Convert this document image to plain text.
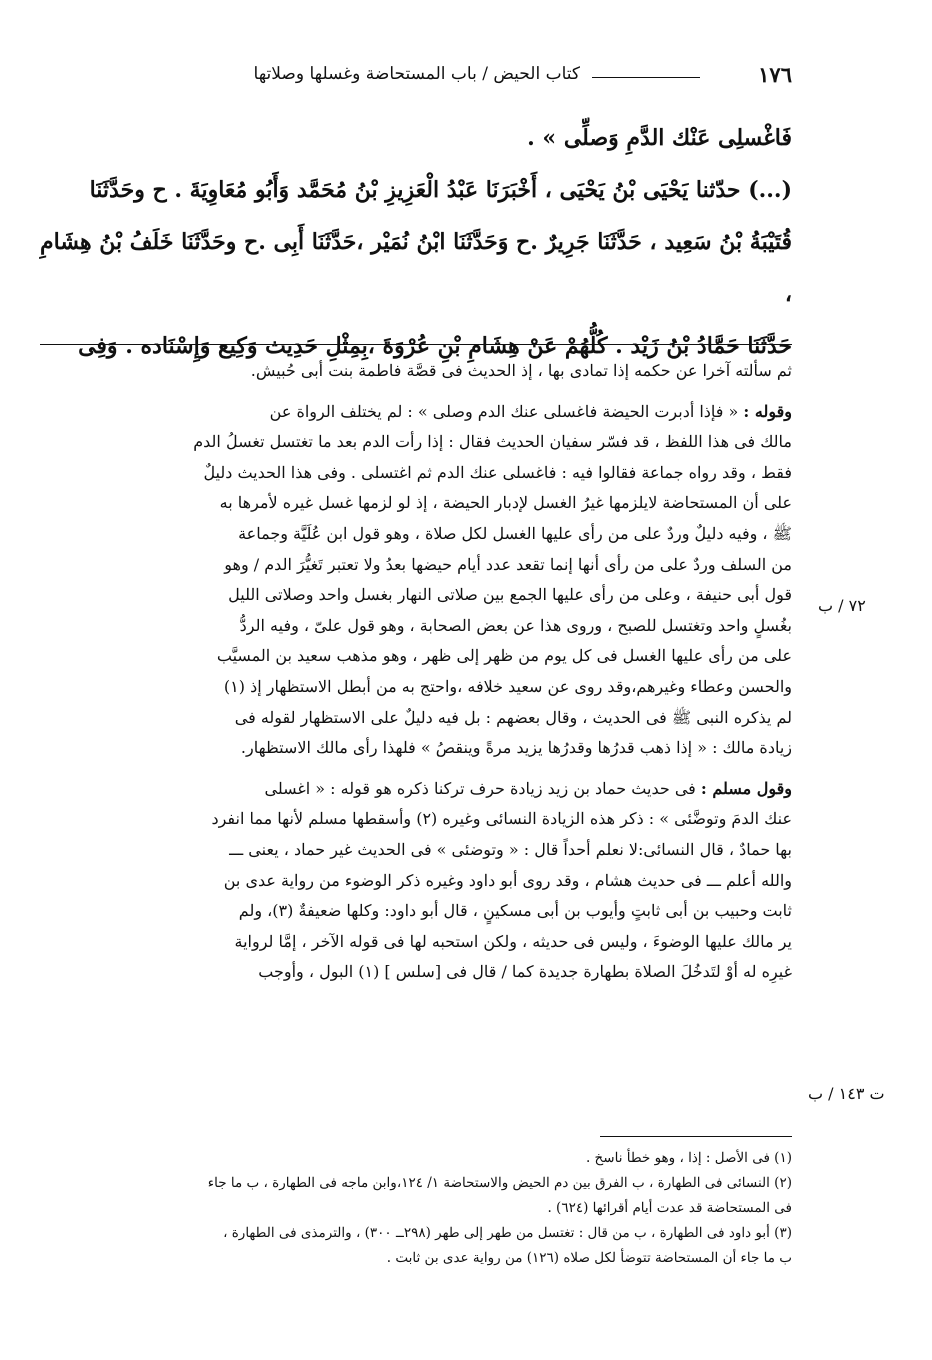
١٧٦
كتاب الحيض / باب المستحاضة وغسلها وصلاتها

فَاغْسلِى عَنْك الدَّمِ وَصلِّى » .

(...) حدّثنا يَحْيَى بْنُ يَحْيَى ، أَخْبَرَنَا عَبْدُ الْعَزِيزِ بْنُ مُحَمَّد وَأَبُو مُعَاوِيَةَ . ح وحَدَّثَنَا

قُتَيْبَةُ بْنُ سَعِيد ، حَدَّثَنَا جَرِيرٌ .ح وَحَدَّثَنَا ابْنُ نُمَيْر ،حَدَّثَنَا أَبِى .ح وحَدَّثَنَا خَلَفُ بْنُ هِشَامِ ،

حَدَّثَنَا حَمَّادُ بْنُ زَيْد . كُلُّهُمْ عَنْ هِشَامِ بْنِ عُرْوَةَ ،بِمِثْلِ حَدِيث وَكِيع وَإِسْنَاده . وَفِى

ثم سألته آخرا عن حكمه إذا تمادى بها ، إذ الحديث فى قصَّة فاطمة بنت أبى حُبيش.

وقوله : « فإذا أدبرت الحيضة فاغسلى عنك الدم وصلى » : لم يختلف الرواة عن

مالك فى هذا اللفظ ، قد فسّر سفيان الحديث فقال : إذا رأت الدم بعد ما تغتسل تغسلُ الدم

فقط ، وقد رواه جماعة فقالوا فيه : فاغسلى عنك الدم ثم اغتسلى . وفى هذا الحديث دليلٌ

على أن المستحاضة لايلزمها غيرُ الغسل لإدبار الحيضة ، إذ لو لزمها غسل غيره لأمرها به

ﷺ ، وفيه دليلٌ وردٌ على من رأى عليها الغسل لكل صلاة ، وهو قول ابن عُلَيَّة وجماعة

من السلف وردٌ على من رأى أنها إنما تقعد عدد أيام حيضها بعدُ ولا تعتبر تَغيُّرَ الدم / وهو

قول أبى حنيفة ، وعلى من رأى عليها الجمع بين صلاتى النهار بغسل واحد وصلاتى الليل

بغُسلٍ واحد وتغتسل للصبح ، وروى هذا عن بعض الصحابة ، وهو قول علىّ ، وفيه الردُّ

على من رأى عليها الغسل فى كل يوم من ظهر إلى ظهر ، وهو مذهب سعيد بن المسيَّب

والحسن وعطاء وغيرهم،وقد روى عن سعيد خلافه ،واحتج به من أبطل الاستظهار إذ (١)

لم يذكره النبى ﷺ فى الحديث ، وقال بعضهم : بل فيه دليلٌ على الاستظهار لقوله فى

زيادة مالك : « إذا ذهب قدرُها وقدرُها يزيد مرةً وينقصُ » فلهذا رأى مالك الاستظهار.

وقول مسلم : فى حديث حماد بن زيد زيادة حرف تركنا ذكره هو قوله : « اغسلى

عنك الدمَ وتوضَّئى » : ذكر هذه الزيادة النسائى وغيره (٢) وأسقطها مسلم لأنها مما انفرد

بها حمادٌ ، قال النسائى:لا نعلم أحداً قال : « وتوضئى » فى الحديث غير حماد ، يعنى ـــ

والله أعلم ـــ فى حديث هشام ، وقد روى أبو داود وغيره ذكر الوضوء من رواية عدى بن

ثابت وحبيب بن أبى ثابتٍ وأيوب بن أبى مسكينٍ ، قال أبو داود: وكلها ضعيفةٌ (٣)، ولم

ير مالك عليها الوضوءَ ، وليس فى حديثه ، ولكن استحبه لها فى قوله الآخر ، إمَّا لرواية

غيرِه له أوْ لتَدخُلَ الصلاة بطهارة جديدة كما / قال فى [سلس ] (١) البول ، وأوجب

٧٢ / ب
ت ١٤٣ / ب

(١) فى الأصل : إذا ، وهو خطأ ناسخ .

(٢) النسائى فى الطهارة ، ب الفرق بين دم الحيض والاستحاضة ١/ ١٢٤،وابن ماجه فى الطهارة ، ب ما جاء

فى المستحاضة قد عدت أيام أقرائها (٦٢٤) .

(٣) أبو داود فى الطهارة ، ب من قال : تغتسل من طهر إلى طهر (٢٩٨ــ ٣٠٠) ، والترمذى فى الطهارة ،

ب ما جاء أن المستحاضة تتوضأ لكل صلاه (١٢٦) من رواية عدى بن ثابت .
